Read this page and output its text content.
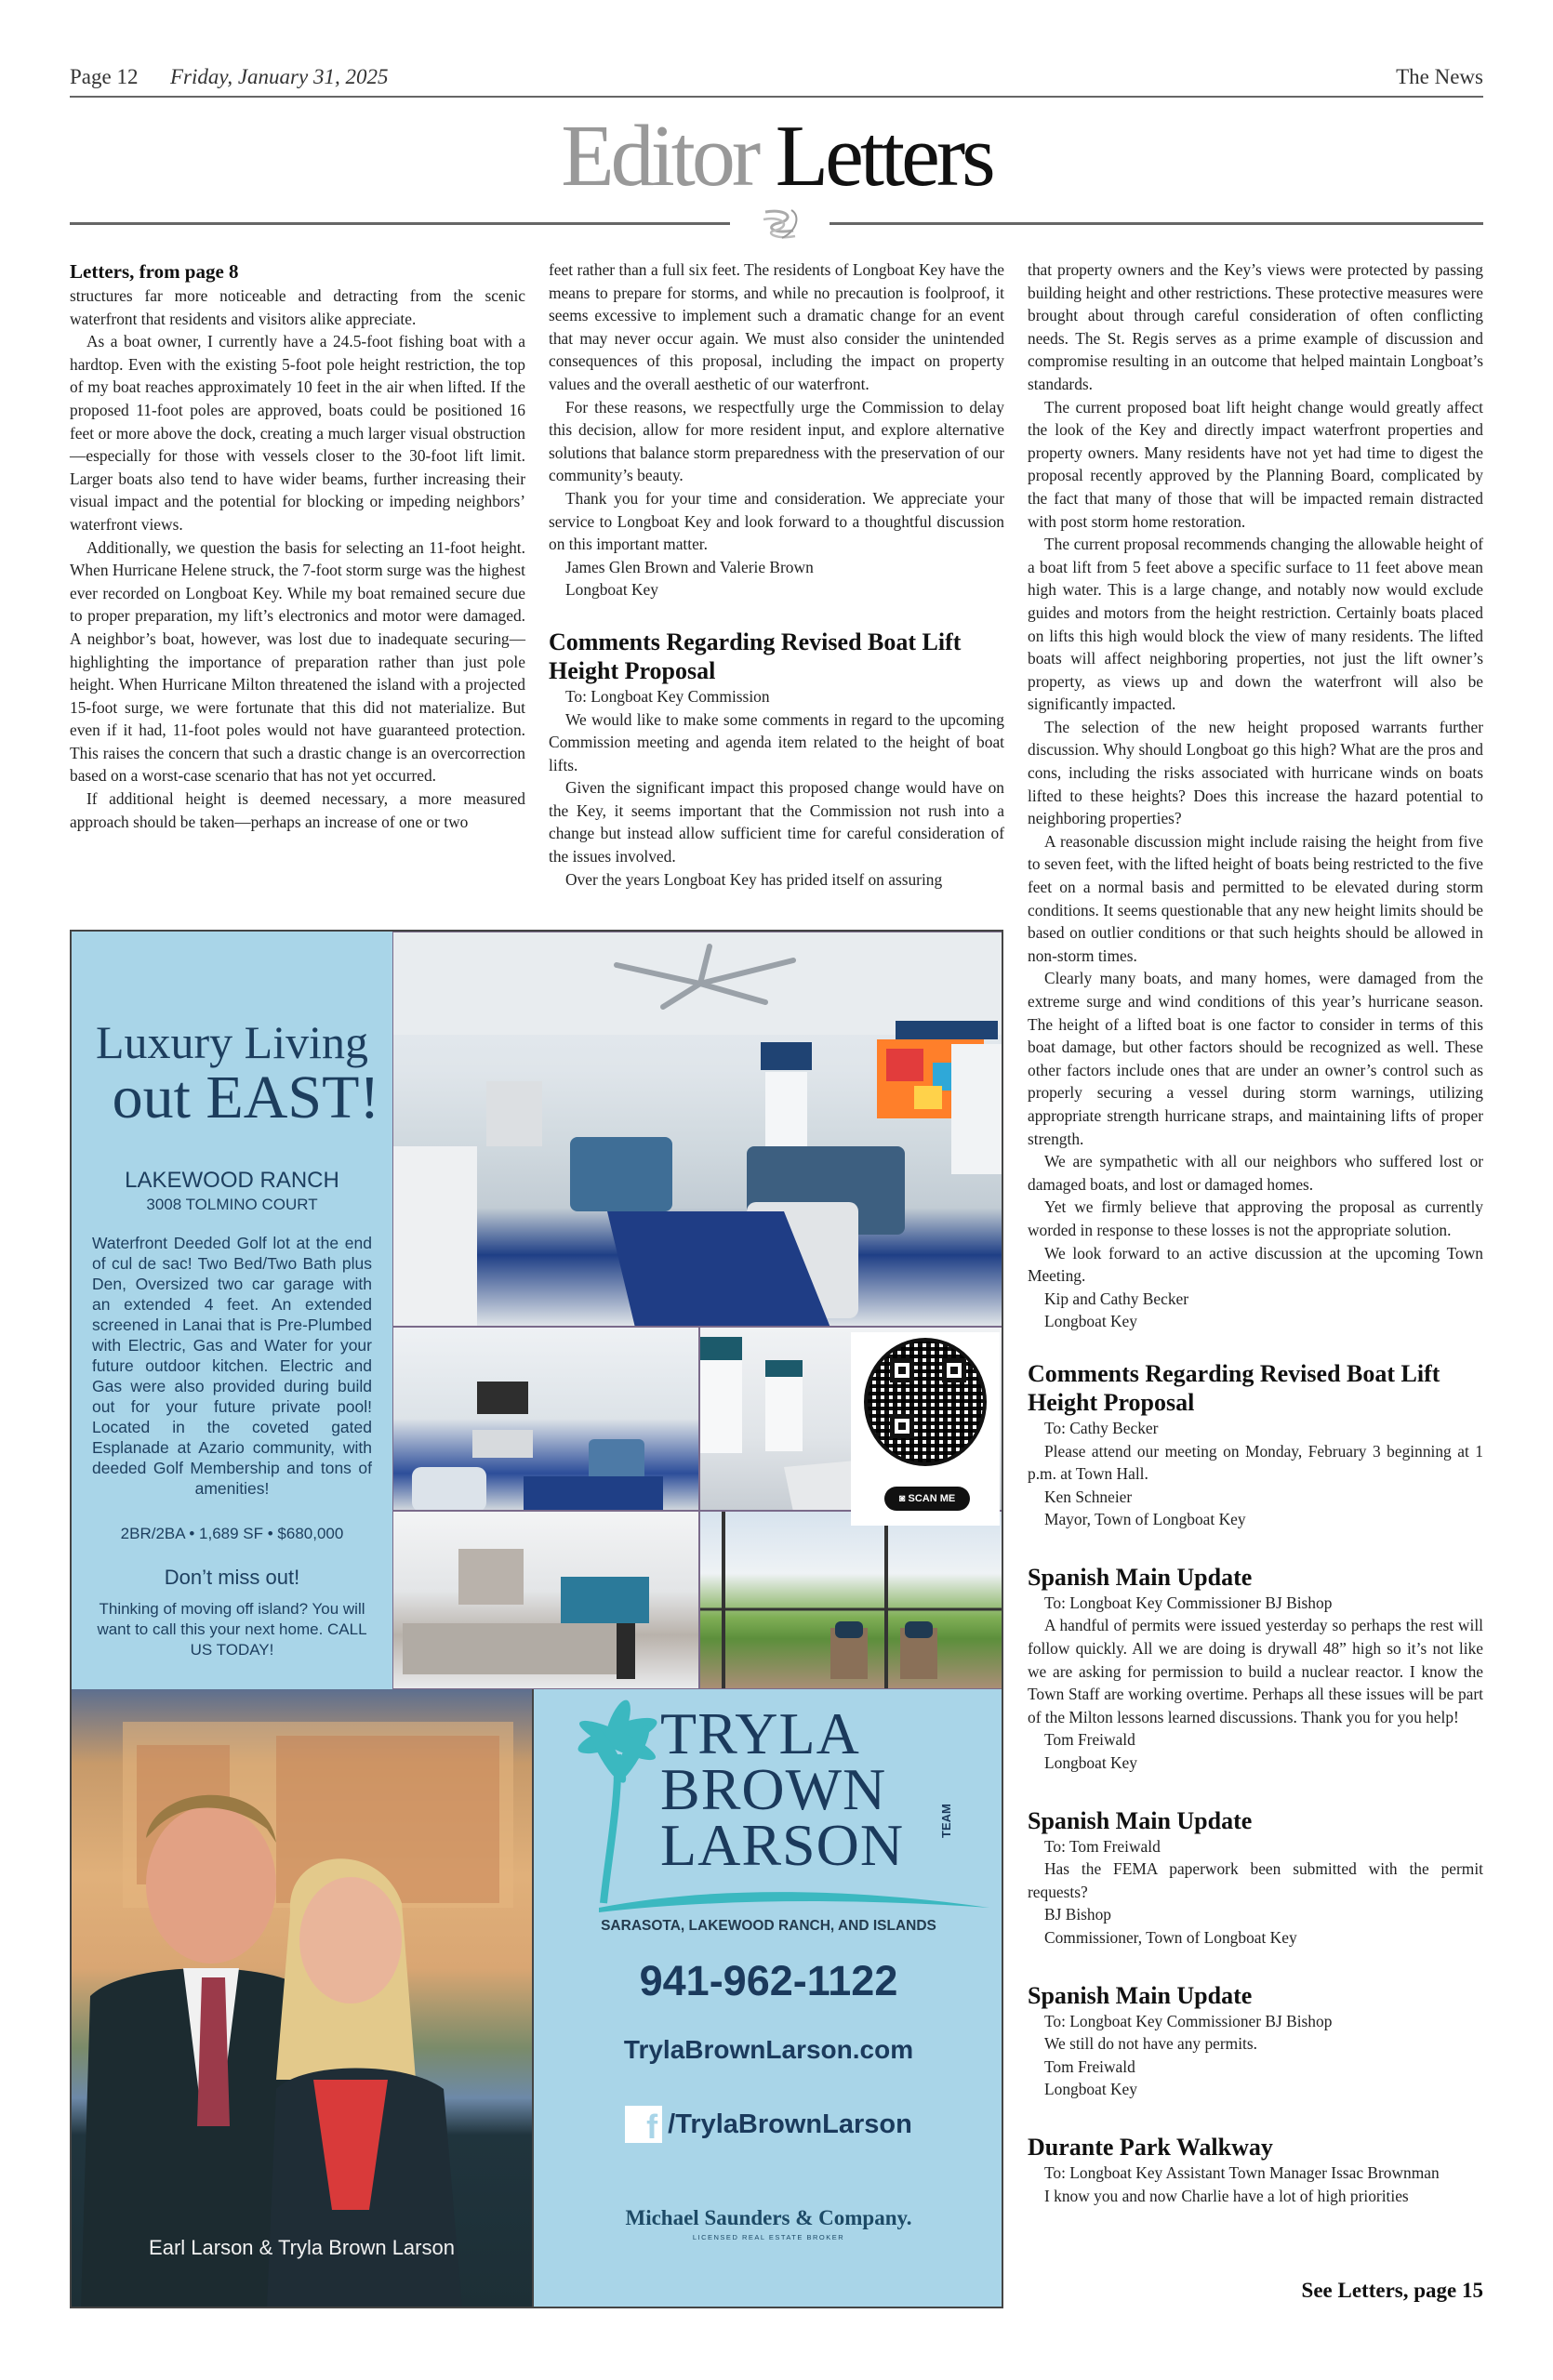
Page 12 Friday, January 31, 2025	The News
Editor Letters
Letters, from page 8

structures far more noticeable and detracting from the scenic waterfront that residents and visitors alike appreciate.

As a boat owner, I currently have a 24.5-foot fishing boat with a hardtop. Even with the existing 5-foot pole height restriction, the top of my boat reaches approximately 10 feet in the air when lifted. If the proposed 11-foot poles are approved, boats could be positioned 16 feet or more above the dock, creating a much larger visual obstruction—especially for those with vessels closer to the 30-foot lift limit. Larger boats also tend to have wider beams, further increasing their visual impact and the potential for blocking or impeding neighbors’ waterfront views.

Additionally, we question the basis for selecting an 11-foot height. When Hurricane Helene struck, the 7-foot storm surge was the highest ever recorded on Longboat Key. While my boat remained secure due to proper preparation, my lift’s electronics and motor were damaged. A neighbor’s boat, however, was lost due to inadequate securing—highlighting the importance of preparation rather than just pole height. When Hurricane Milton threatened the island with a projected 15-foot surge, we were fortunate that this did not materialize. But even if it had, 11-foot poles would not have guaranteed protection. This raises the concern that such a drastic change is an overcorrection based on a worst-case scenario that has not yet occurred.

If additional height is deemed necessary, a more measured approach should be taken—perhaps an increase of one or two

feet rather than a full six feet. The residents of Longboat Key have the means to prepare for storms, and while no precaution is foolproof, it seems excessive to implement such a dramatic change for an event that may never occur again. We must also consider the unintended consequences of this proposal, including the impact on property values and the overall aesthetic of our waterfront.

For these reasons, we respectfully urge the Commission to delay this decision, allow for more resident input, and explore alternative solutions that balance storm preparedness with the preservation of our community’s beauty.

Thank you for your time and consideration. We appreciate your service to Longboat Key and look forward to a thoughtful discussion on this important matter.

James Glen Brown and Valerie Brown

Longboat Key

Comments Regarding Revised Boat Lift Height Proposal

To: Longboat Key Commission

We would like to make some comments in regard to the upcoming Commission meeting and agenda item related to the height of boat lifts.

Given the significant impact this proposed change would have on the Key, it seems important that the Commission not rush into a change but instead allow sufficient time for careful consideration of the issues involved.

Over the years Longboat Key has prided itself on assuring

that property owners and the Key’s views were protected by passing building height and other restrictions. These protective measures were brought about through careful consideration of often conflicting needs. The St. Regis serves as a prime example of discussion and compromise resulting in an outcome that helped maintain Longboat’s standards.

The current proposed boat lift height change would greatly affect the look of the Key and directly impact waterfront properties and property owners. Many residents have not yet had time to digest the proposal recently approved by the Planning Board, complicated by the fact that many of those that will be impacted remain distracted with post storm home restoration.

The current proposal recommends changing the allowable height of a boat lift from 5 feet above a specific surface to 11 feet above mean high water. This is a large change, and notably now would exclude guides and motors from the height restriction. Certainly boats placed on lifts this high would block the view of many residents. The lifted boats will affect neighboring properties, not just the lift owner’s property, as views up and down the waterfront will also be significantly impacted.

The selection of the new height proposed warrants further discussion. Why should Longboat go this high? What are the pros and cons, including the risks associated with hurricane winds on boats lifted to these heights? Does this increase the hazard potential to neighboring properties?

A reasonable discussion might include raising the height from five to seven feet, with the lifted height of boats being restricted to the five feet on a normal basis and permitted to be elevated during storm conditions. It seems questionable that any new height limits should be based on outlier conditions or that such heights should be allowed in non-storm times.

Clearly many boats, and many homes, were damaged from the extreme surge and wind conditions of this year’s hurricane season. The height of a lifted boat is one factor to consider in terms of this boat damage, but other factors should be recognized as well. These other factors include ones that are under an owner’s control such as properly securing a vessel during storm warnings, utilizing appropriate strength hurricane straps, and maintaining lifts of proper strength.

We are sympathetic with all our neighbors who suffered lost or damaged boats, and lost or damaged homes.

Yet we firmly believe that approving the proposal as currently worded in response to these losses is not the appropriate solution.

We look forward to an active discussion at the upcoming Town Meeting.

Kip and Cathy Becker

Longboat Key

Comments Regarding Revised Boat Lift Height Proposal

To: Cathy Becker

Please attend our meeting on Monday, February 3 beginning at 1 p.m. at Town Hall.

Ken Schneier

Mayor, Town of Longboat Key

Spanish Main Update

To: Longboat Key Commissioner BJ Bishop

A handful of permits were issued yesterday so perhaps the rest will follow quickly. All we are doing is drywall 48” high so it’s not like we are asking for permission to build a nuclear reactor. I know the Town Staff are working overtime. Perhaps all these issues will be part of the Milton lessons learned discussions. Thank you for you help!

Tom Freiwald

Longboat Key

Spanish Main Update

To: Tom Freiwald

Has the FEMA paperwork been submitted with the permit requests?

BJ Bishop

Commissioner, Town of Longboat Key

Spanish Main Update

To: Longboat Key Commissioner BJ Bishop

We still do not have any permits.

Tom Freiwald

Longboat Key

Durante Park Walkway

To: Longboat Key Assistant Town Manager Issac Brownman

I know you and now Charlie have a lot of high priorities

Luxury Living
out EAST!
LAKEWOOD RANCH
3008 TOLMINO COURT
Waterfront Deeded Golf lot at the end of cul de sac! Two Bed/Two Bath plus Den, Oversized two car garage with an extended 4 feet. An extended screened in Lanai that is Pre-Plumbed with Electric, Gas and Water for your future outdoor kitchen. Electric and Gas were also provided during build out for your future private pool! Located in the coveted gated Esplanade at Azario community, with deeded Golf Membership and tons of amenities!
2BR/2BA • 1,689 SF • $680,000
Don’t miss out!
Thinking of moving off island? You will want to call this your next home. CALL US TODAY!
◙ SCAN ME
Earl Larson & Tryla Brown Larson
TRYLA
BROWN
LARSON	TEAM
SARASOTA, LAKEWOOD RANCH, AND ISLANDS
941-962-1122
TrylaBrownLarson.com
f /TrylaBrownLarson
Michael Saunders & Company.
LICENSED REAL ESTATE BROKER
See Letters, page 15
